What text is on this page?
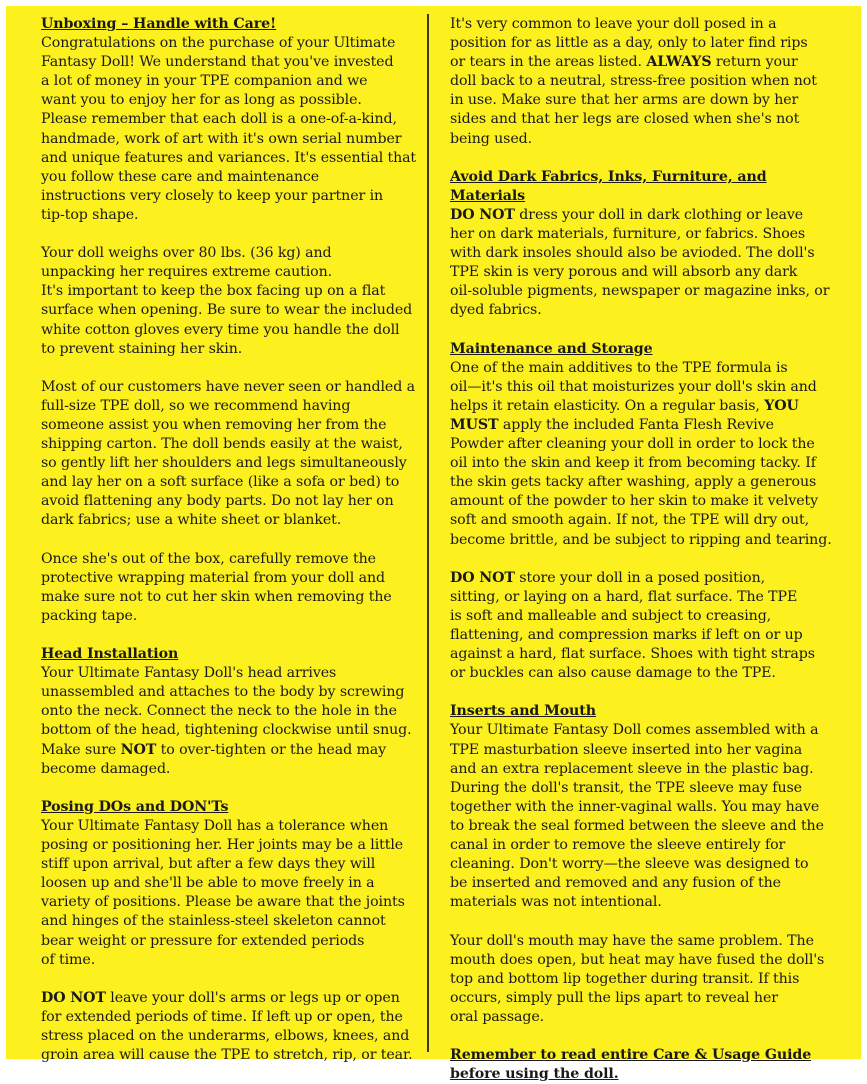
Unboxing – Handle with Care!

Congratulations on the purchase of your Ultimate
Fantasy Doll! We understand that you've invested
a lot of money in your TPE companion and we
want you to enjoy her for as long as possible.
Please remember that each doll is a one-of-a-kind,
handmade, work of art with it's own serial number
and unique features and variances. It's essential that
you follow these care and maintenance
instructions very closely to keep your partner in
tip-top shape.

Your doll weighs over 80 lbs. (36 kg) and
unpacking her requires extreme caution.
It's important to keep the box facing up on a flat
surface when opening. Be sure to wear the included
white cotton gloves every time you handle the doll
to prevent staining her skin.

Most of our customers have never seen or handled a
full-size TPE doll, so we recommend having
someone assist you when removing her from the
shipping carton. The doll bends easily at the waist,
so gently lift her shoulders and legs simultaneously
and lay her on a soft surface (like a sofa or bed) to
avoid flattening any body parts. Do not lay her on
dark fabrics; use a white sheet or blanket.

Once she's out of the box, carefully remove the
protective wrapping material from your doll and
make sure not to cut her skin when removing the
packing tape.

Head Installation

Your Ultimate Fantasy Doll's head arrives
unassembled and attaches to the body by screwing
onto the neck. Connect the neck to the hole in the
bottom of the head, tightening clockwise until snug.
Make sure NOT to over-tighten or the head may
become damaged.

Posing DOs and DON'Ts

Your Ultimate Fantasy Doll has a tolerance when
posing or positioning her. Her joints may be a little
stiff upon arrival, but after a few days they will
loosen up and she'll be able to move freely in a
variety of positions. Please be aware that the joints
and hinges of the stainless-steel skeleton cannot
bear weight or pressure for extended periods
of time.

DO NOT leave your doll's arms or legs up or open
for extended periods of time. If left up or open, the
stress placed on the underarms, elbows, knees, and
groin area will cause the TPE to stretch, rip, or tear.

It's very common to leave your doll posed in a
position for as little as a day, only to later find rips
or tears in the areas listed. ALWAYS return your
doll back to a neutral, stress-free position when not
in use. Make sure that her arms are down by her
sides and that her legs are closed when she's not
being used.

Avoid Dark Fabrics, Inks, Furniture, and Materials

DO NOT dress your doll in dark clothing or leave
her on dark materials, furniture, or fabrics. Shoes
with dark insoles should also be avioded. The doll's
TPE skin is very porous and will absorb any dark
oil-soluble pigments, newspaper or magazine inks, or
dyed fabrics.

Maintenance and Storage

One of the main additives to the TPE formula is
oil—it's this oil that moisturizes your doll's skin and
helps it retain elasticity. On a regular basis, YOU
MUST apply the included Fanta Flesh Revive
Powder after cleaning your doll in order to lock the
oil into the skin and keep it from becoming tacky. If
the skin gets tacky after washing, apply a generous
amount of the powder to her skin to make it velvety
soft and smooth again. If not, the TPE will dry out,
become brittle, and be subject to ripping and tearing.

DO NOT store your doll in a posed position,
sitting, or laying on a hard, flat surface. The TPE
is soft and malleable and subject to creasing,
flattening, and compression marks if left on or up
against a hard, flat surface. Shoes with tight straps
or buckles can also cause damage to the TPE.

Inserts and Mouth

Your Ultimate Fantasy Doll comes assembled with a
TPE masturbation sleeve inserted into her vagina
and an extra replacement sleeve in the plastic bag.
During the doll's transit, the TPE sleeve may fuse
together with the inner-vaginal walls. You may have
to break the seal formed between the sleeve and the
canal in order to remove the sleeve entirely for
cleaning. Don't worry—the sleeve was designed to
be inserted and removed and any fusion of the
materials was not intentional.

Your doll's mouth may have the same problem. The
mouth does open, but heat may have fused the doll's
top and bottom lip together during transit. If this
occurs, simply pull the lips apart to reveal her
oral passage.

Remember to read entire Care & Usage Guide
before using the doll.
